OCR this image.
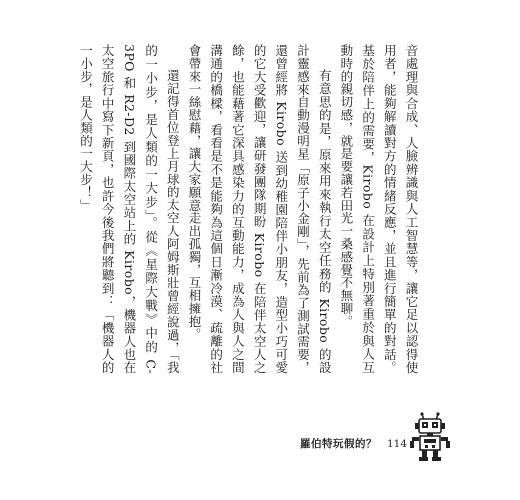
音處理與合成、人臉辨識與人工智慧等，讓它足以認得使用者，能夠解讀對方的情緒反應，並且進行簡單的對話。基於陪伴上的需要，Kirobo 在設計上特別著重於與人互動時的親切感，就是要讓若田光一桑感覺不無聊。

有意思的是，原來用來執行太空任務的 Kirobo 的設計靈感來自動漫明星「原子小金剛」，先前為了測試需要，還曾經將 Kirobo 送到幼稚園陪伴小朋友，造型小巧可愛的它大受歡迎，讓研發團隊期盼 Kirobo 在陪伴太空人之餘，也能藉著它深具感染力的互動能力，成為人與人之間溝通的橋樑，看看是不是能夠為這個日漸冷漠、疏離的社會帶來一絲慰藉，讓大家願意走出孤獨，互相擁抱。

還記得首位登上月球的太空人阿姆斯壯曾經說過，「我的一小步，是人類的一大步」。從《星際大戰》中的 C-3PO 和 R2-D2 到國際太空站上的 Kirobo，機器人也在太空旅行中寫下新頁，也許今後我們將聽到：「機器人的一小步，是人類的一大步！」

羅伯特玩假的？ 114
